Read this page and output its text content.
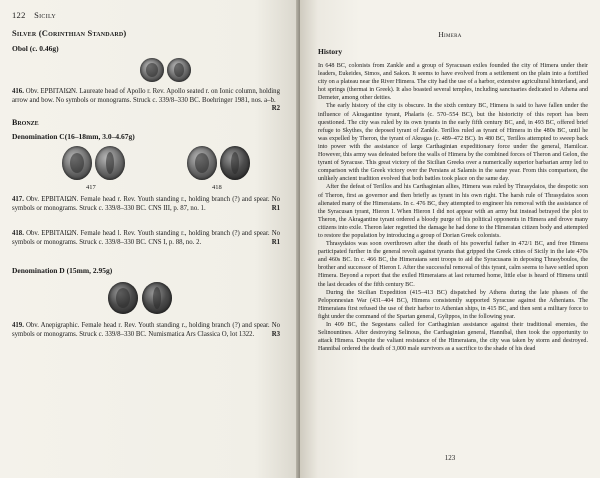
122 Sicily
Silver (Corinthian Standard)
Obol (c. 0.46g)
416. Obv. ΕΡΒΙΤΑΙΩΝ. Laureate head of Apollo r. Rev. Apollo seated r. on Ionic column, holding arrow and bow. No symbols or monograms. Struck c. 339/8–330 BC. Boehringer 1981, nos. a–b.
R2
Bronze
Denomination C(16–18mm, 3.0–4.67g)
417	418
417. Obv. ΕΡΒΙΤΑΙΩΝ. Female head r. Rev. Youth standing r., holding branch (?) and spear. No symbols or monograms. Struck c. 339/8–330 BC. CNS III, p. 87, no. 1.	R1
418. Obv. ΕΡΒΙΤΑΙΩΝ. Female head l. Rev. Youth standing r., holding branch (?) and spear. No symbols or monograms. Struck c. 339/8–330 BC. CNS I, p. 88, no. 2.	R1
Denomination D (15mm, 2.95g)
419. Obv. Anepigraphic. Female head r. Rev. Youth standing r., holding branch (?) and spear. No symbols or monograms. Struck c. 339/8–330 BC. Numismatica Ars Classica O, lot 1322.	R3
Himera
History

In 648 BC, colonists from Zankle and a group of Syracusan exiles founded the city of Himera under their leaders, Eukeides, Simos, and Sakon. It seems to have evolved from a settlement on the plain into a fortified city on a plateau near the River Himera. The city had the use of a harbor, extensive agricultural hinterland, and hot springs (thermai in Greek). It also boasted several temples, including sanctuaries dedicated to Athena and Demeter, among other deities.

The early history of the city is obscure. In the sixth century BC, Himera is said to have fallen under the influence of Akragantine tyrant, Phalaris (c. 570–554 BC), but the historicity of this report has been questioned. The city was ruled by its own tyrants in the early fifth century BC, and, in 493 BC, offered brief refuge to Skythes, the deposed tyrant of Zankle. Terillos ruled as tyrant of Himera in the 480s BC, until he was expelled by Theron, the tyrant of Akragas (c. 489–472 BC). In 480 BC, Terillos attempted to sweep back into power with the assistance of large Carthaginian expeditionary force under the general, Hamilcar. However, this army was defeated before the walls of Himera by the combined forces of Theron and Gelon, the tyrant of Syracuse. This great victory of the Sicilian Greeks over a numerically superior barbarian army led to comparison with the Greek victory over the Persians at Salamis in the same year. From this comparison, the unlikely ancient tradition evolved that both battles took place on the same day.

After the defeat of Terillos and his Carthaginian allies, Himera was ruled by Thrasydaios, the despotic son of Theron, first as governor and then briefly as tyrant in his own right. The harsh rule of Thrasydaios soon alienated many of the Himeraians. In c. 476 BC, they attempted to engineer his removal with the assistance of the Syracusan tyrant, Hieron I. When Hieron I did not appear with an army but instead betrayed the plot to Theron, the Akragantine tyrant ordered a bloody purge of his political opponents in Himera and drove many citizens into exile. Theron later regretted the damage he had done to the Himeraian citizen body and attempted to restore the population by introducing a group of Dorian Greek colonists.

Thrasydaios was soon overthrown after the death of his powerful father in 472/1 BC, and free Himera participated further in the general revolt against tyrants that gripped the Greek cities of Sicily in the late 470s and 460s BC. In c. 466 BC, the Himeraians sent troops to aid the Syracusans in deposing Thrasyboulos, the brother and successor of Hieron I. After the successful removal of this tyrant, calm seems to have settled upon Himera. Beyond a report that the exiled Himeraians at last returned home, little else is heard of Himera until the last decades of the fifth century BC.

During the Sicilian Expedition (415–413 BC) dispatched by Athens during the late phases of the Peloponnesian War (431–404 BC), Himera consistently supported Syracuse against the Athenians. The Himeraians first refused the use of their harbor to Athenian ships, in 415 BC, and then sent a military force to fight under the command of the Spartan general, Gylippos, in the following year.

In 409 BC, the Segestans called for Carthaginian assistance against their traditional enemies, the Selinountines. After destroying Selinous, the Carthaginian general, Hannibal, then took the opportunity to attack Himera. Despite the valiant resistance of the Himeraians, the city was taken by storm and destroyed. Hannibal ordered the death of 3,000 male survivors as a sacrifice to the shade of his dead

123
